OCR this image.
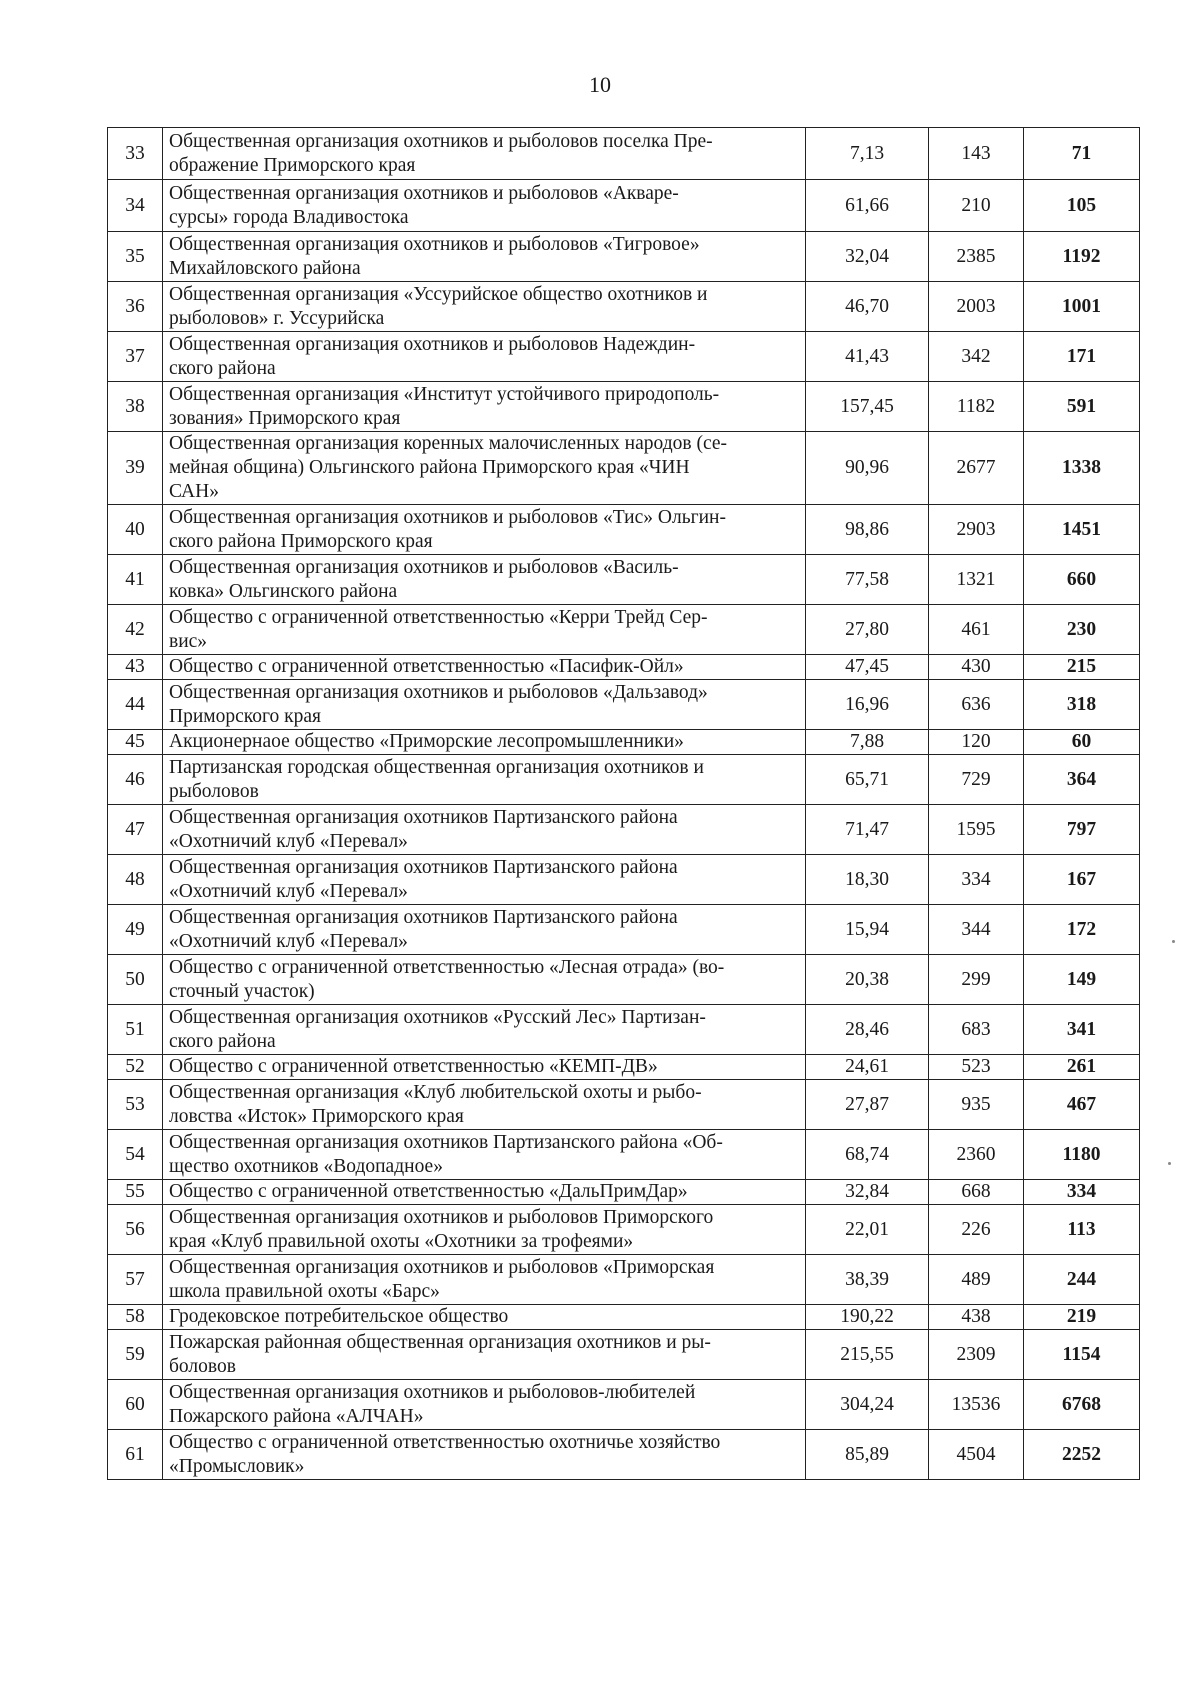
10
33	Общественная организация охотников и рыболовов поселка Пре-
ображение Приморского края	7,13	143	71
34	Общественная организация охотников и рыболовов «Акваре-
сурсы» города Владивостока	61,66	210	105
35	Общественная организация охотников и рыболовов «Тигровое»
Михайловского района	32,04	2385	1192
36	Общественная организация «Уссурийское общество охотников и
рыболовов» г. Уссурийска	46,70	2003	1001
37	Общественная организация охотников и рыболовов Надеждин-
ского района	41,43	342	171
38	Общественная организация «Институт устойчивого природополь-
зования» Приморского края	157,45	1182	591
39	Общественная организация коренных малочисленных народов (се-
мейная община) Ольгинского района Приморского края «ЧИН
САН»	90,96	2677	1338
40	Общественная организация охотников и рыболовов «Тис» Ольгин-
ского района Приморского края	98,86	2903	1451
41	Общественная организация охотников и рыболовов «Василь-
ковка» Ольгинского района	77,58	1321	660
42	Общество с ограниченной ответственностью «Керри Трейд Сер-
вис»	27,80	461	230
43	Общество с ограниченной ответственностью «Пасифик-Ойл»	47,45	430	215
44	Общественная организация охотников и рыболовов «Дальзавод»
Приморского края	16,96	636	318
45	Акционернаое общество «Приморские лесопромышленники»	7,88	120	60
46	Партизанская городская общественная организация охотников и
рыболовов	65,71	729	364
47	Общественная организация охотников Партизанского района
«Охотничий клуб «Перевал»	71,47	1595	797
48	Общественная организация охотников Партизанского района
«Охотничий клуб «Перевал»	18,30	334	167
49	Общественная организация охотников Партизанского района
«Охотничий клуб «Перевал»	15,94	344	172
50	Общество с ограниченной ответственностью «Лесная отрада» (во-
сточный участок)	20,38	299	149
51	Общественная организация охотников «Русский Лес» Партизан-
ского района	28,46	683	341
52	Общество с ограниченной ответственностью «КЕМП-ДВ»	24,61	523	261
53	Общественная организация «Клуб любительской охоты и рыбо-
ловства «Исток» Приморского края	27,87	935	467
54	Общественная организация охотников Партизанского района «Об-
щество охотников «Водопадное»	68,74	2360	1180
55	Общество с ограниченной ответственностью «ДальПримДар»	32,84	668	334
56	Общественная организация охотников и рыболовов Приморского
края «Клуб правильной охоты «Охотники за трофеями»	22,01	226	113
57	Общественная организация охотников и рыболовов «Приморская
школа правильной охоты «Барс»	38,39	489	244
58	Гродековское потребительское общество	190,22	438	219
59	Пожарская районная общественная организация охотников и ры-
боловов	215,55	2309	1154
60	Общественная организация охотников и рыболовов-любителей
Пожарского района «АЛЧАН»	304,24	13536	6768
61	Общество с ограниченной ответственностью охотничье хозяйство
«Промысловик»	85,89	4504	2252
